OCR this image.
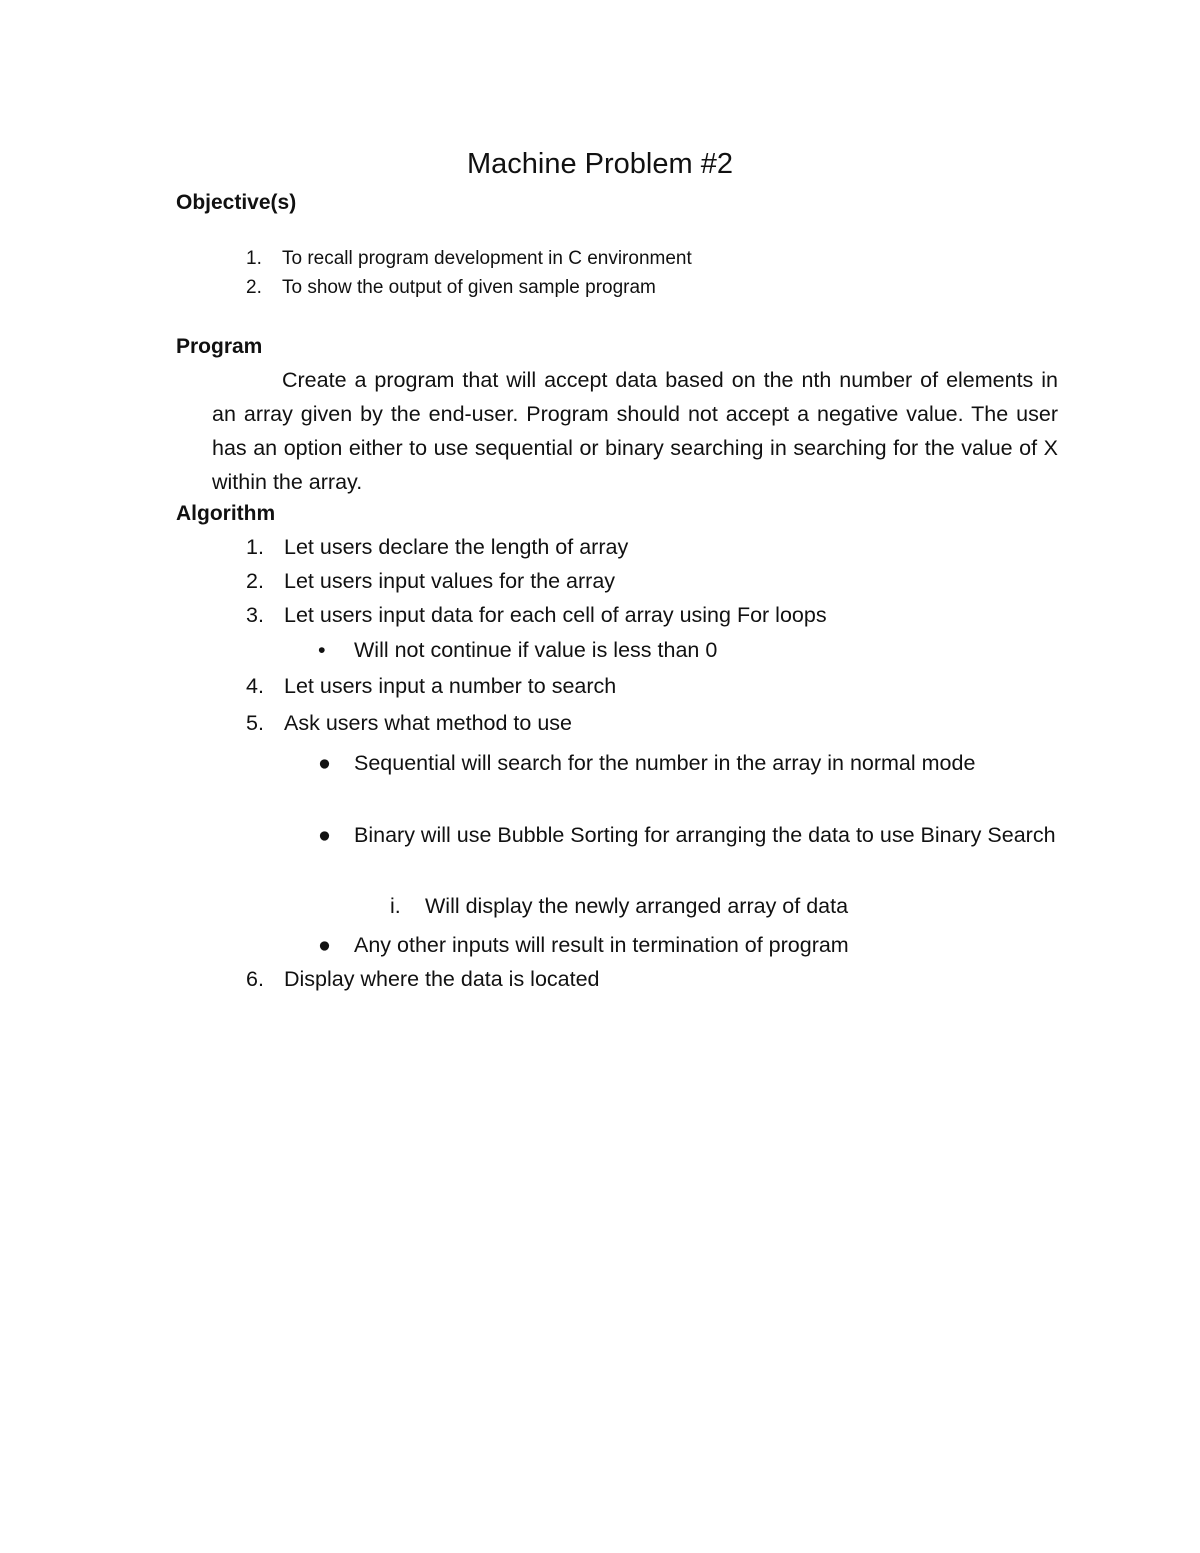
Machine Problem #2
Objective(s)
1. To recall program development in C environment
2. To show the output of given sample program
Program

Create a program that will accept data based on the nth number of elements in an array given by the end-user. Program should not accept a negative value. The user has an option either to use sequential or binary searching in searching for the value of X within the array.

Algorithm
1. Let users declare the length of array
2. Let users input values for the array
3. Let users input data for each cell of array using For loops
•	Will not continue if value is less than 0
4. Let users input a number to search
5. Ask users what method to use
●	Sequential will search for the number in the array in normal mode
●	Binary will use Bubble Sorting for arranging the data to use Binary Search
i. Will display the newly arranged array of data
●	Any other inputs will result in termination of program
6. Display where the data is located
